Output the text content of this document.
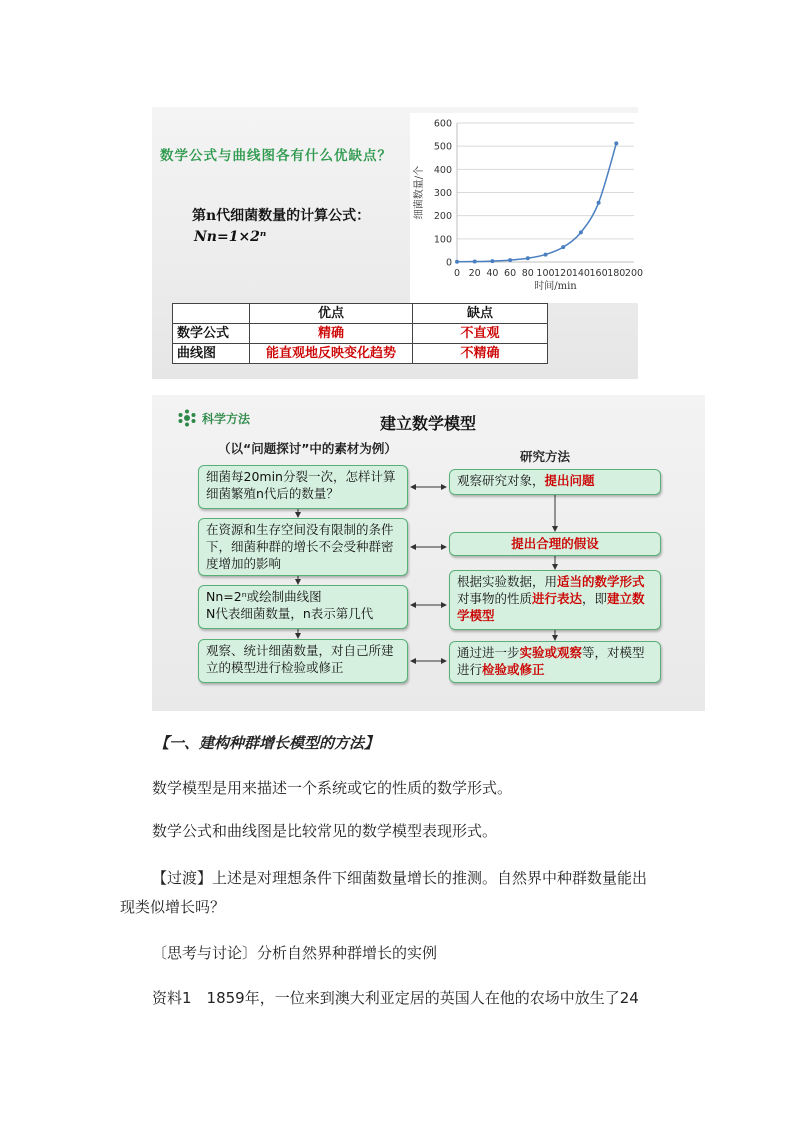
数学公式与曲线图各有什么优缺点？
第n代细菌数量的计算公式：
Nn=1×2ⁿ
0
100
200
300
400
500
600
0 20 40 60 80 100 120 140 160 180 200
时间/min
细菌数量/个
	优点	缺点
数学公式	精确	不直观
曲线图	能直观地反映变化趋势	不精确
科学方法	建立数学模型
（以“问题探讨”中的素材为例）
研究方法
细菌每20min分裂一次，怎样计算细菌繁殖n代后的数量？
在资源和生存空间没有限制的条件下，细菌种群的增长不会受种群密度增加的影响
Nn=2ⁿ或绘制曲线图
N代表细菌数量，n表示第几代
观察、统计细菌数量，对自己所建立的模型进行检验或修正
观察研究对象，提出问题
提出合理的假设
根据实验数据，用适当的数学形式对事物的性质进行表达，即建立数学模型
通过进一步实验或观察等，对模型进行检验或修正
【一、建构种群增长模型的方法】
数学模型是用来描述一个系统或它的性质的数学形式。
数学公式和曲线图是比较常见的数学模型表现形式。
【过渡】上述是对理想条件下细菌数量增长的推测。自然界中种群数量能出
现类似增长吗？
〔思考与讨论〕分析自然界种群增长的实例
资料1　1859年，一位来到澳大利亚定居的英国人在他的农场中放生了24
